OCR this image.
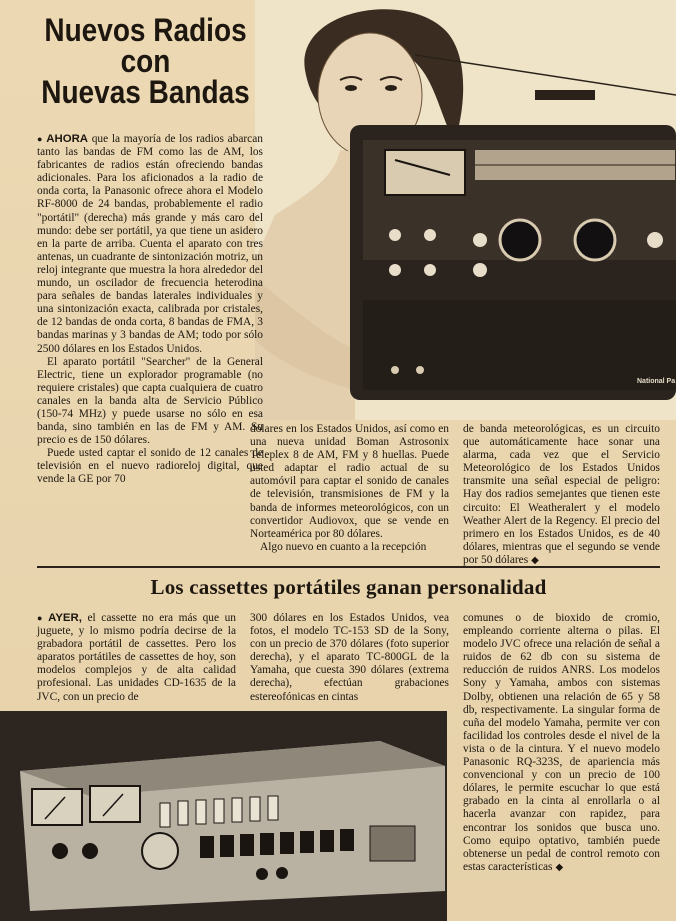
National Pa
Nuevos Radios
con
Nuevas Bandas

● AHORA que la mayoría de los radios abarcan tanto las bandas de FM como las de AM, los fabricantes de radios están ofreciendo bandas adicionales. Para los aficionados a la radio de onda corta, la Panasonic ofrece ahora el Modelo RF-8000 de 24 bandas, probablemente el radio "portátil" (derecha) más grande y más caro del mundo: debe ser portátil, ya que tiene un asidero en la parte de arriba. Cuenta el aparato con tres antenas, un cuadrante de sintonización motriz, un reloj integrante que muestra la hora alrededor del mundo, un oscilador de frecuencia heterodina para señales de bandas laterales individuales y una sintonización exacta, calibrada por cristales, de 12 bandas de onda corta, 8 bandas de FMA, 3 bandas marinas y 3 bandas de AM; todo por sólo 2500 dólares en los Estados Unidos.

El aparato portátil "Searcher" de la General Electric, tiene un explorador programable (no requiere cristales) que capta cualquiera de cuatro canales en la banda alta de Servicio Público (150-74 MHz) y puede usarse no sólo en esa banda, sino también en las de FM y AM. Su precio es de 150 dólares.

Puede usted captar el sonido de 12 canales de televisión en el nuevo radioreloj digital, que vende la GE por 70

dólares en los Estados Unidos, así como en una nueva unidad Boman Astrosonix Teleplex 8 de AM, FM y 8 huellas. Puede usted adaptar el radio actual de su automóvil para captar el sonido de canales de televisión, transmisiones de FM y la banda de informes meteorológicos, con un convertidor Audiovox, que se vende en Norteamérica por 80 dólares.

Algo nuevo en cuanto a la recepción

de banda meteorológicas, es un circuito que automáticamente hace sonar una alarma, cada vez que el Servicio Meteorológico de los Estados Unidos transmite una señal especial de peligro: Hay dos radios semejantes que tienen este circuito: El Weatheralert y el modelo Weather Alert de la Regency. El precio del primero en los Estados Unidos, es de 40 dólares, mientras que el segundo se vende por 50 dólares ◆

Los cassettes portátiles ganan personalidad

● AYER, el cassette no era más que un juguete, y lo mismo podría decirse de la grabadora portátil de cassettes. Pero los aparatos portátiles de cassettes de hoy, son modelos complejos y de alta calidad profesional. Las unidades CD-1635 de la JVC, con un precio de

300 dólares en los Estados Unidos, vea fotos, el modelo TC-153 SD de la Sony, con un precio de 370 dólares (foto superior derecha), y el aparato TC-800GL de la Yamaha, que cuesta 390 dólares (extrema derecha), efectúan grabaciones estereofónicas en cintas

comunes o de bioxido de cromio, empleando corriente alterna o pilas. El modelo JVC ofrece una relación de señal a ruidos de 62 db con su sistema de reducción de ruidos ANRS. Los modelos Sony y Yamaha, ambos con sistemas Dolby, obtienen una relación de 65 y 58 db, respectivamente. La singular forma de cuña del modelo Yamaha, permite ver con facilidad los controles desde el nivel de la vista o de la cintura. Y el nuevo modelo Panasonic RQ-323S, de apariencia más convencional y con un precio de 100 dólares, le permite escuchar lo que está grabado en la cinta al enrollarla o al hacerla avanzar con rapidez, para encontrar los sonidos que busca uno. Como equipo optativo, también puede obtenerse un pedal de control remoto con estas características ◆
